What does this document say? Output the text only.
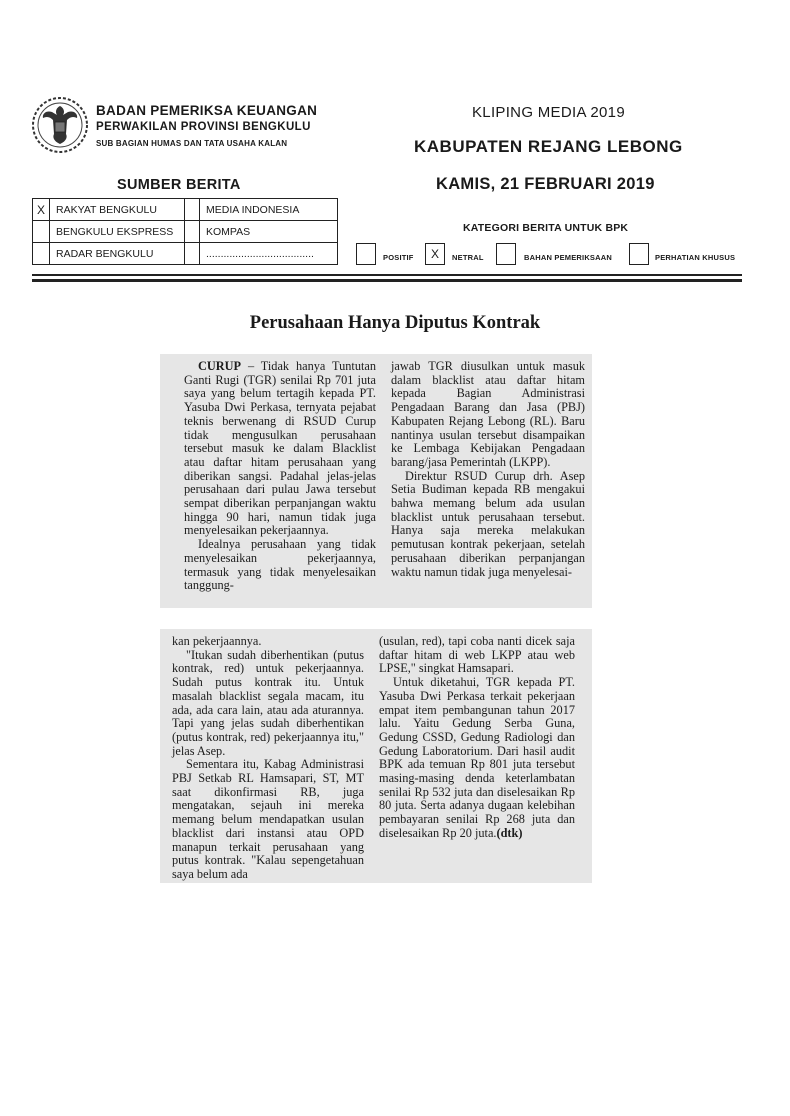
BADAN PEMERIKSA KEUANGAN
PERWAKILAN PROVINSI BENGKULU
SUB BAGIAN HUMAS DAN TATA USAHA KALAN
KLIPING MEDIA 2019
KABUPATEN REJANG LEBONG
KAMIS, 21 FEBRUARI 2019
SUMBER BERITA
X	RAKYAT BENGKULU		MEDIA INDONESIA
	BENGKULU EKSPRESS		KOMPAS
	RADAR BENGKULU		.....................................
KATEGORI BERITA UNTUK BPK
POSITIF	X	NETRAL	BAHAN PEMERIKSAAN	PERHATIAN KHUSUS
Perusahaan Hanya Diputus Kontrak

CURUP – Tidak hanya Tuntutan Ganti Rugi (TGR) senilai Rp 701 juta saya yang belum tertagih kepada PT. Yasuba Dwi Perkasa, ternyata pejabat teknis berwenang di RSUD Curup tidak mengusulkan perusahaan tersebut masuk ke dalam Blacklist atau daftar hitam perusahaan yang diberikan sangsi. Padahal jelas-jelas perusahaan dari pulau Jawa tersebut sempat diberikan perpanjangan waktu hingga 90 hari, namun tidak juga menyelesaikan pekerjaannya.

Idealnya perusahaan yang tidak menyelesaikan pekerjaannya, termasuk yang tidak menyelesaikan tanggung-

jawab TGR diusulkan untuk masuk dalam blacklist atau daftar hitam kepada Bagian Administrasi Pengadaan Barang dan Jasa (PBJ) Kabupaten Rejang Lebong (RL). Baru nantinya usulan tersebut disampaikan ke Lembaga Kebijakan Pengadaan barang/jasa Pemerintah (LKPP).

Direktur RSUD Curup drh. Asep Setia Budiman kepada RB mengakui bahwa memang belum ada usulan blacklist untuk perusahaan tersebut. Hanya saja mereka melakukan pemutusan kontrak pekerjaan, setelah perusahaan diberikan perpanjangan waktu namun tidak juga menyelesai-

kan pekerjaannya.

"Itukan sudah diberhentikan (putus kontrak, red) untuk pekerjaannya. Sudah putus kontrak itu. Untuk masalah blacklist segala macam, itu ada, ada cara lain, atau ada aturannya. Tapi yang jelas sudah diberhentikan (putus kontrak, red) pekerjaannya itu," jelas Asep.

Sementara itu, Kabag Administrasi PBJ Setkab RL Hamsapari, ST, MT saat dikonfirmasi RB, juga mengatakan, sejauh ini mereka memang belum mendapatkan usulan blacklist dari instansi atau OPD manapun terkait perusahaan yang putus kontrak. "Kalau sepengetahuan saya belum ada

(usulan, red), tapi coba nanti dicek saja daftar hitam di web LKPP atau web LPSE," singkat Hamsapari.

Untuk diketahui, TGR kepada PT. Yasuba Dwi Perkasa terkait pekerjaan empat item pembangunan tahun 2017 lalu. Yaitu Gedung Serba Guna, Gedung CSSD, Gedung Radiologi dan Gedung Laboratorium. Dari hasil audit BPK ada temuan Rp 801 juta tersebut masing-masing denda keterlambatan senilai Rp 532 juta dan diselesaikan Rp 80 juta. Serta adanya dugaan kelebihan pembayaran senilai Rp 268 juta dan diselesaikan Rp 20 juta.(dtk)
